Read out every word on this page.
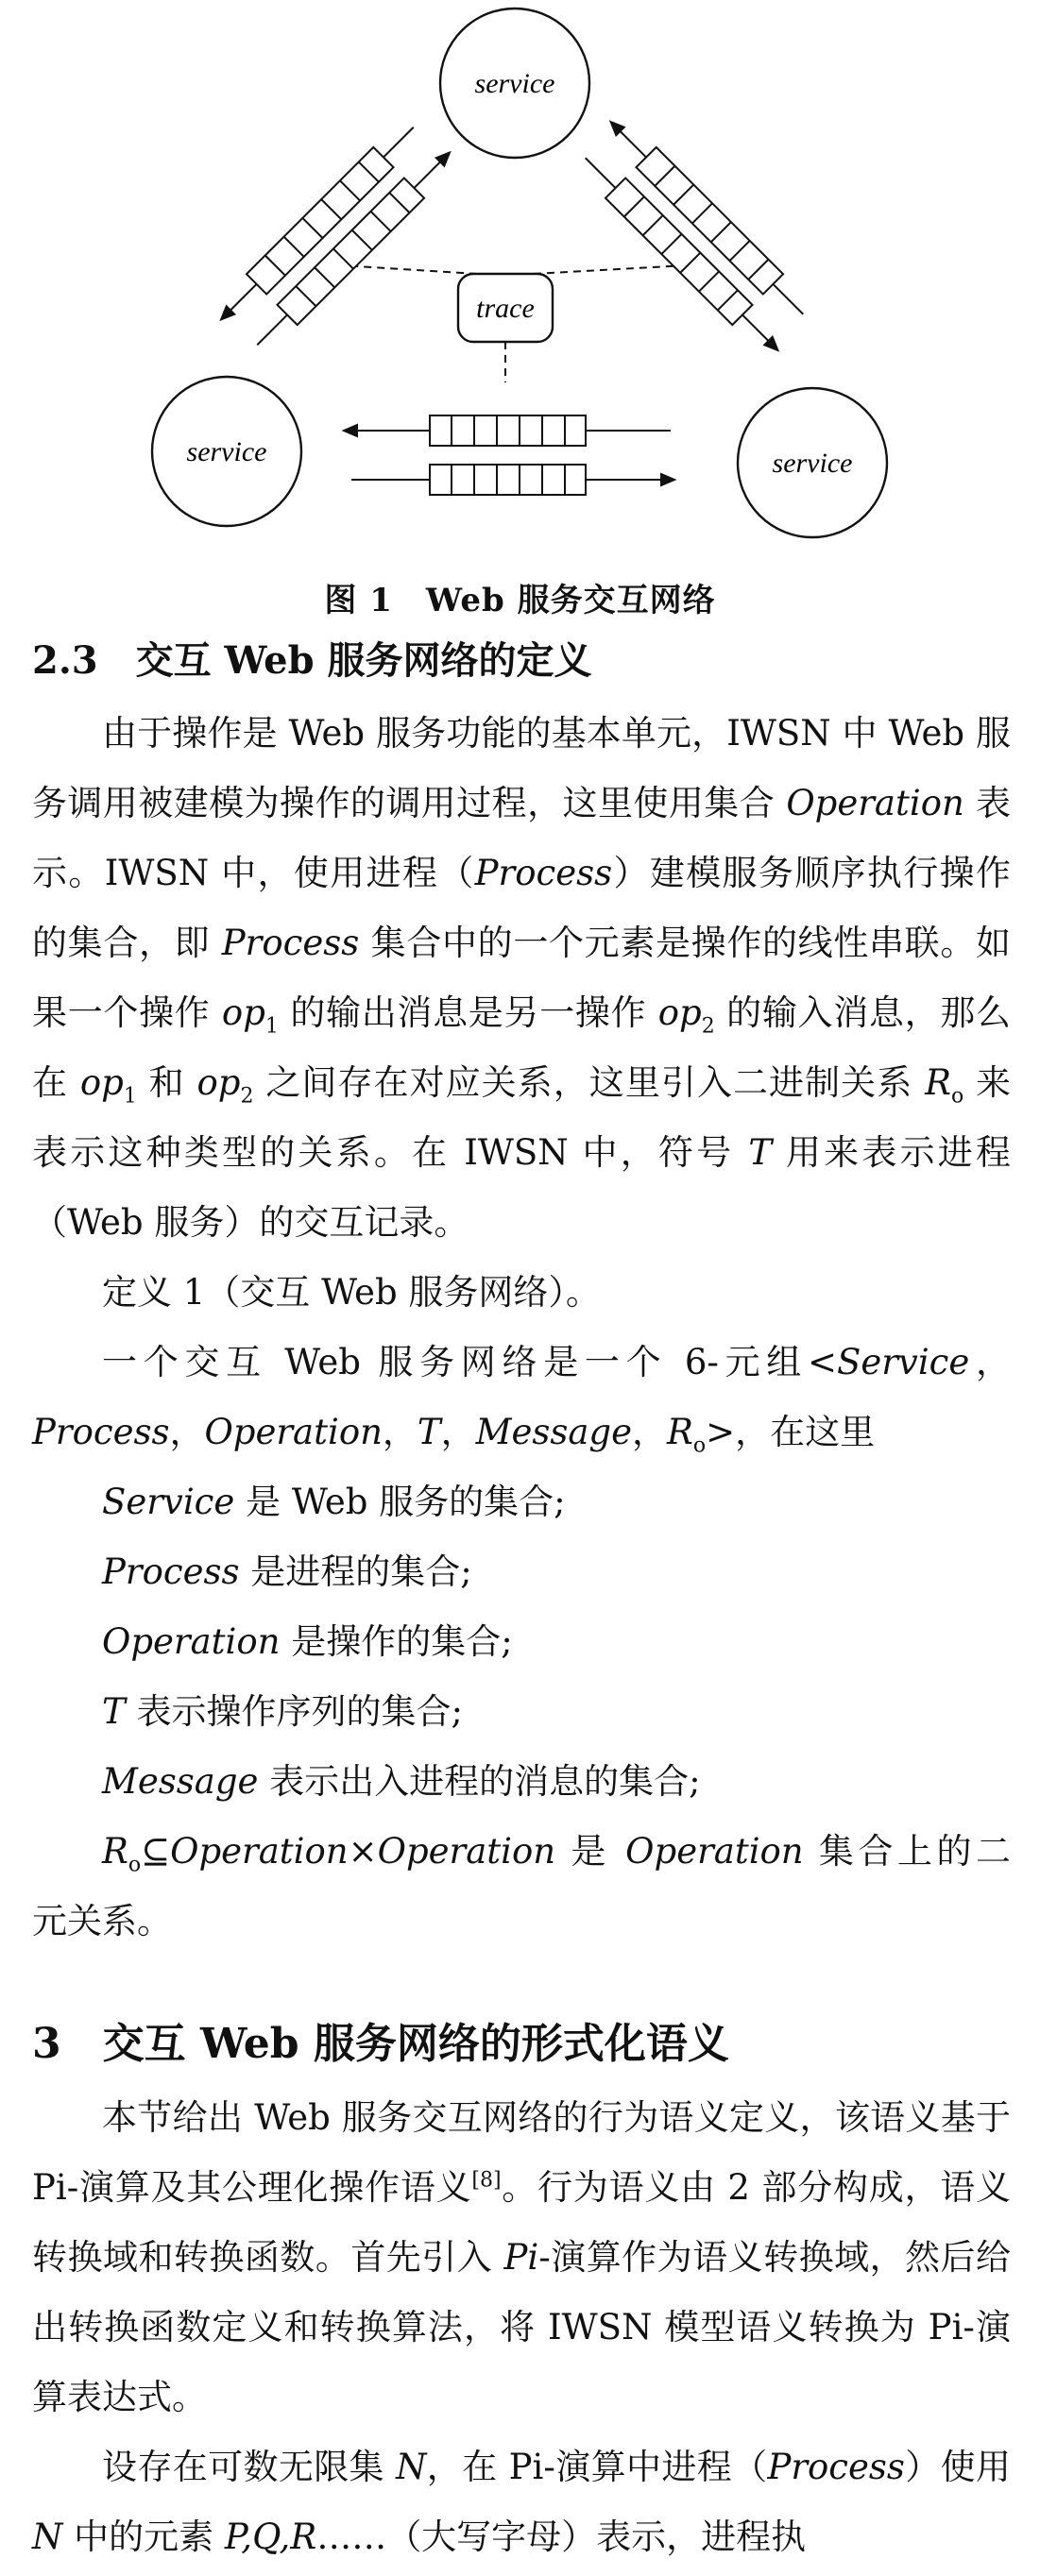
service
service	service
trace
图 1　Web 服务交互网络
2.3　 交互 Web 服务网络的定义

由于操作是 Web 服务功能的基本单元，IWSN 中 Web 服务调用被建模为操作的调用过程，这里使用集合 Operation 表示。IWSN 中，使用进程（Process）建模服务顺序执行操作的集合，即 Process 集合中的一个元素是操作的线性串联。如果一个操作 $op_1$ 的输出消息是另一操作 $op_2$ 的输入消息，那么在 $op_1$ 和 $op_2$ 之间存在对应关系，这里引入二进制关系 $R_o$ 来表示这种类型的关系。在 IWSN 中，符号 T 用来表示进程（Web 服务）的交互记录。

定义 1（交互 Web 服务网络）。

一个交互 Web 服务网络是一个 6-元组<Service，Process，Operation，T，Message，$R_o>$，在这里

Service 是 Web 服务的集合;

Process 是进程的集合;

Operation 是操作的集合;

T 表示操作序列的集合;

Message 表示出入进程的消息的集合;

$R_o⊆Operation\times Operation$ 是 Operation 集合上的二元关系。

3　 交互 Web 服务网络的形式化语义

本节给出 Web 服务交互网络的行为语义定义，该语义基于 Pi-演算及其公理化操作语义[8]。行为语义由 2 部分构成，语义转换域和转换函数。首先引入 Pi-演算作为语义转换域，然后给出转换函数定义和转换算法，将 IWSN 模型语义转换为 Pi-演算表达式。

设存在可数无限集 N，在 Pi-演算中进程（Process）使用 N 中的元素 P,Q,R……（大写字母）表示，进程执
